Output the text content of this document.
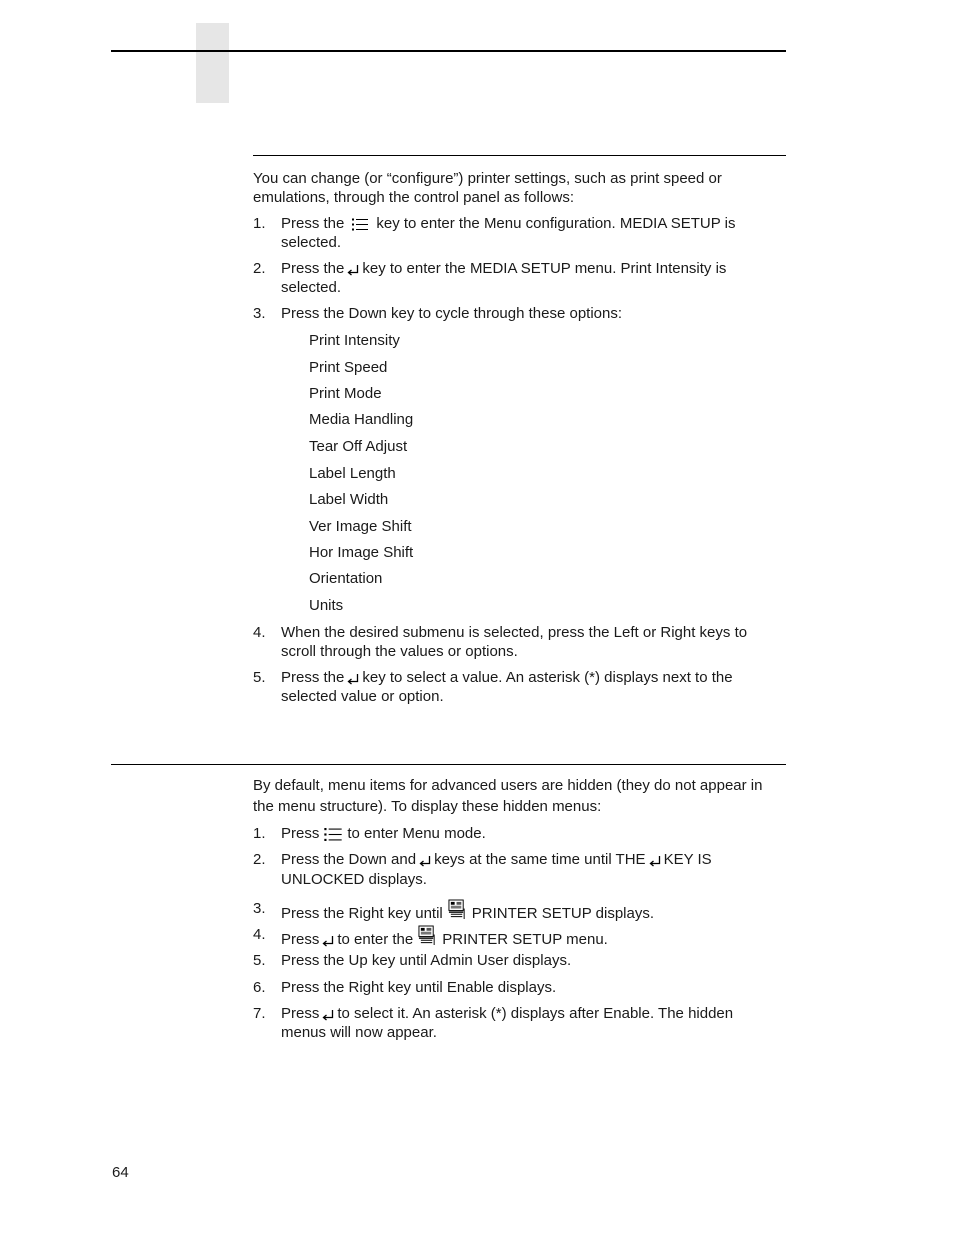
You can change (or “configure”) printer settings, such as print speed or emulations, through the control panel as follows:

1. Press the key to enter the Menu configuration. MEDIA SETUP is
selected.
2. Press the key to enter the MEDIA SETUP menu. Print Intensity is
selected.
3. Press the Down key to cycle through these options:
Print Intensity
Print Speed
Print Mode
Media Handling
Tear Off Adjust
Label Length
Label Width
Ver Image Shift
Hor Image Shift
Orientation
Units
4. When the desired submenu is selected, press the Left or Right keys to
scroll through the values or options.
5. Press the key to select a value. An asterisk (*) displays next to the
selected value or option.
By default, menu items for advanced users are hidden (they do not appear in
the menu structure). To display these hidden menus:
1. Press to enter Menu mode.
2. Press the Down and keys at the same time until THE KEY IS
UNLOCKED displays.
3. Press the Right key until PRINTER SETUP displays.
4. Press to enter the PRINTER SETUP menu.
5. Press the Up key until Admin User displays.
6. Press the Right key until Enable displays.
7. Press to select it. An asterisk (*) displays after Enable. The hidden
menus will now appear.
64
